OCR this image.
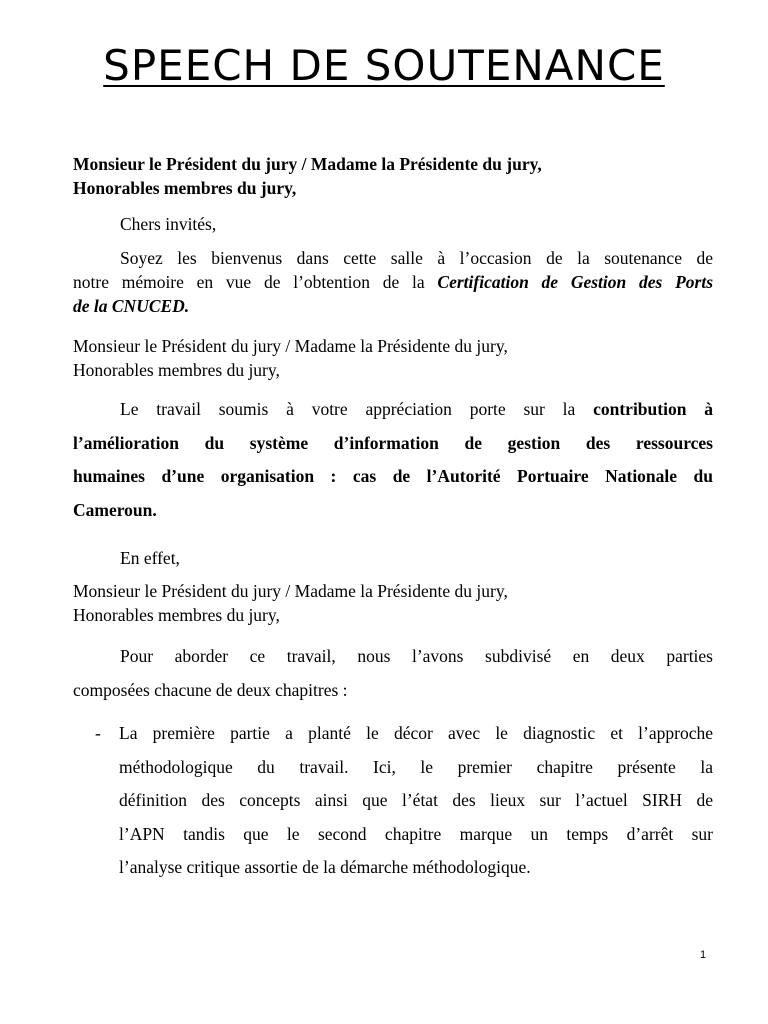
SPEECH DE SOUTENANCE
Monsieur le Président du jury / Madame la Présidente du jury,
Honorables membres du jury,
Chers invités,
Soyez les bienvenus dans cette salle à l’occasion de la soutenance de
notre mémoire en vue de l’obtention de la Certification de Gestion des Ports
de la CNUCED.
Monsieur le Président du jury / Madame la Présidente du jury,
Honorables membres du jury,
Le travail soumis à votre appréciation porte sur la contribution à
l’amélioration du système d’information de gestion des ressources
humaines d’une organisation : cas de l’Autorité Portuaire Nationale du
Cameroun.
En effet,
Monsieur le Président du jury / Madame la Présidente du jury,
Honorables membres du jury,
Pour aborder ce travail, nous l’avons subdivisé en deux parties
composées chacune de deux chapitres :
- La première partie a planté le décor avec le diagnostic et l’approche
méthodologique du travail. Ici, le premier chapitre présente la
définition des concepts ainsi que l’état des lieux sur l’actuel SIRH de
l’APN tandis que le second chapitre marque un temps d’arrêt sur
l’analyse critique assortie de la démarche méthodologique.
1
